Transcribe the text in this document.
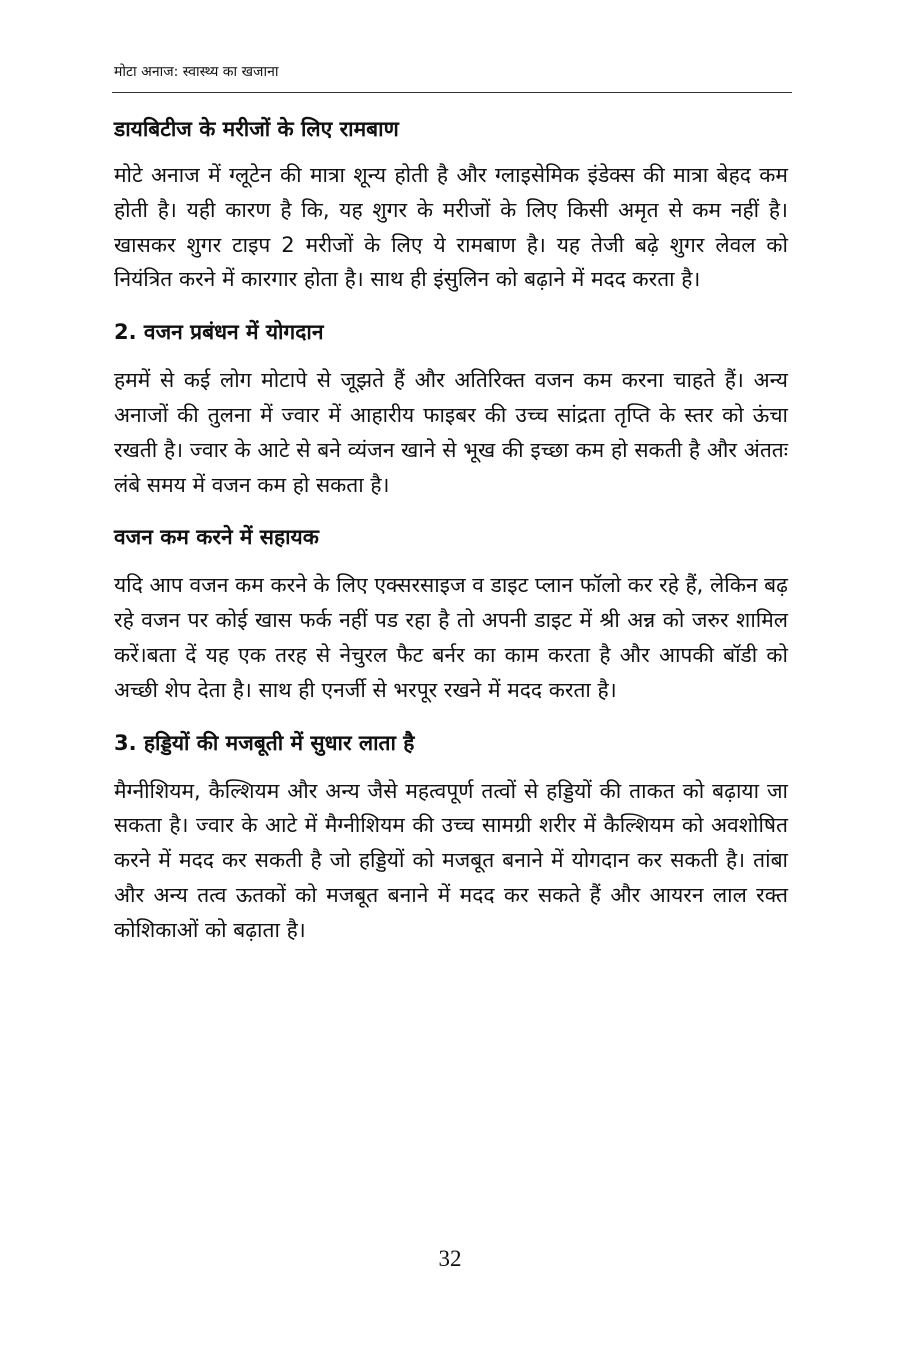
मोटा अनाज: स्वास्थ्य का खजाना
डायबिटीज के मरीजों के लिए रामबाण

मोटे अनाज में ग्लूटेन की मात्रा शून्य होती है और ग्लाइसेमिक इंडेक्स की मात्रा बेहद कम होती है। यही कारण है कि, यह शुगर के मरीजों के लिए किसी अमृत से कम नहीं है। खासकर शुगर टाइप 2 मरीजों के लिए ये रामबाण है। यह तेजी बढ़े शुगर लेवल को नियंत्रित करने में कारगार होता है। साथ ही इंसुलिन को बढ़ाने में मदद करता है।

2. वजन प्रबंधन में योगदान

हममें से कई लोग मोटापे से जूझते हैं और अतिरिक्त वजन कम करना चाहते हैं। अन्य अनाजों की तुलना में ज्वार में आहारीय फाइबर की उच्च सांद्रता तृप्ति के स्तर को ऊंचा रखती है। ज्वार के आटे से बने व्यंजन खाने से भूख की इच्छा कम हो सकती है और अंततः लंबे समय में वजन कम हो सकता है।

वजन कम करने में सहायक

यदि आप वजन कम करने के लिए एक्सरसाइज व डाइट प्लान फॉलो कर रहे हैं, लेकिन बढ़ रहे वजन पर कोई खास फर्क नहीं पड रहा है तो अपनी डाइट में श्री अन्न को जरुर शामिल करें।बता दें यह एक तरह से नेचुरल फैट बर्नर का काम करता है और आपकी बॉडी को अच्छी शेप देता है। साथ ही एनर्जी से भरपूर रखने में मदद करता है।

3. हड्डियों की मजबूती में सुधार लाता है

मैग्नीशियम, कैल्शियम और अन्य जैसे महत्वपूर्ण तत्वों से हड्डियों की ताकत को बढ़ाया जा सकता है। ज्वार के आटे में मैग्नीशियम की उच्च सामग्री शरीर में कैल्शियम को अवशोषित करने में मदद कर सकती है जो हड्डियों को मजबूत बनाने में योगदान कर सकती है। तांबा और अन्य तत्व ऊतकों को मजबूत बनाने में मदद कर सकते हैं और आयरन लाल रक्त कोशिकाओं को बढ़ाता है।

32
